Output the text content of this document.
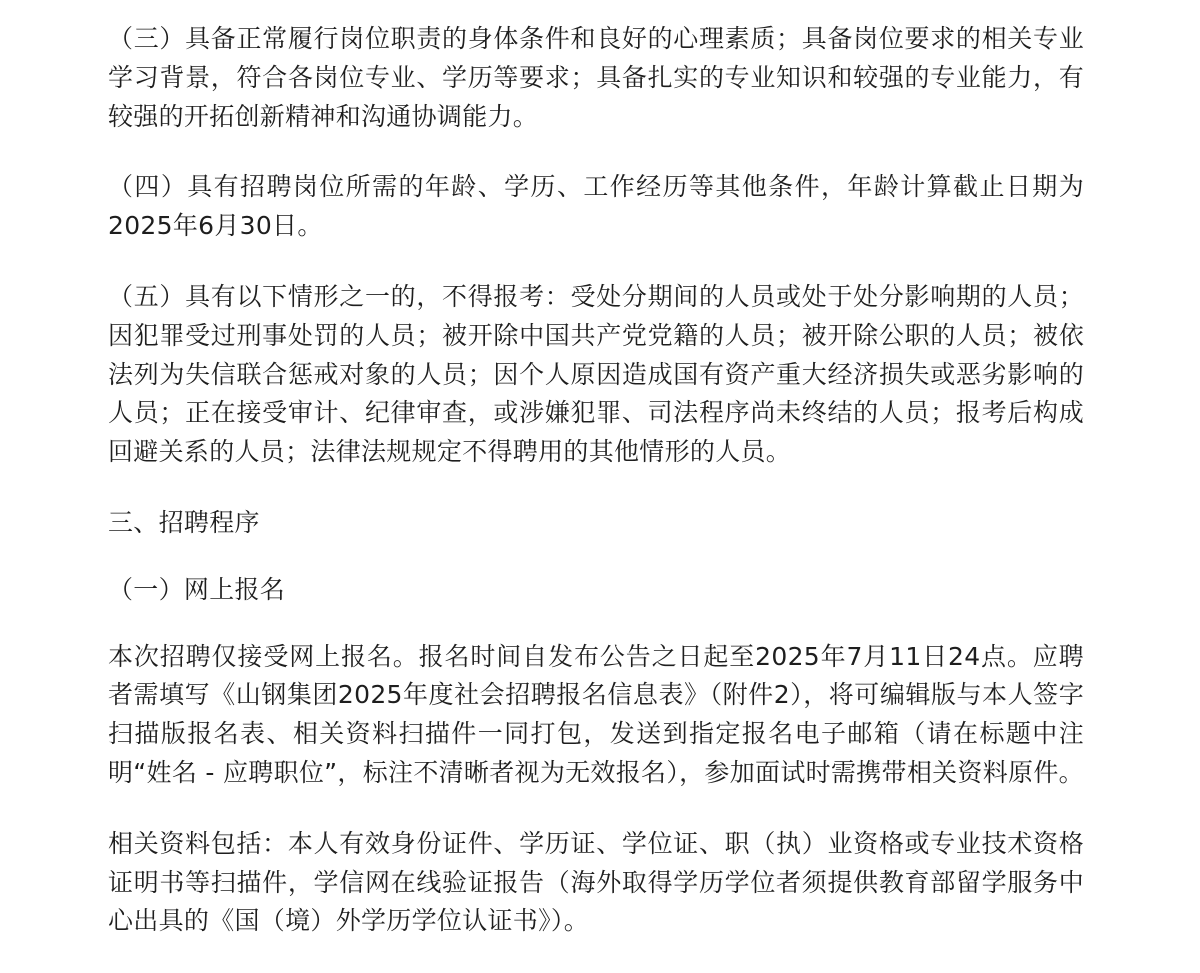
（三）具备正常履行岗位职责的身体条件和良好的心理素质；具备岗位要求的相关专业学习背景，符合各岗位专业、学历等要求；具备扎实的专业知识和较强的专业能力，有较强的开拓创新精神和沟通协调能力。

（四）具有招聘岗位所需的年龄、学历、工作经历等其他条件，年龄计算截止日期为2025年6月30日。

（五）具有以下情形之一的，不得报考：受处分期间的人员或处于处分影响期的人员；因犯罪受过刑事处罚的人员；被开除中国共产党党籍的人员；被开除公职的人员；被依法列为失信联合惩戒对象的人员；因个人原因造成国有资产重大经济损失或恶劣影响的人员；正在接受审计、纪律审查，或涉嫌犯罪、司法程序尚未终结的人员；报考后构成回避关系的人员；法律法规规定不得聘用的其他情形的人员。

三、招聘程序

（一）网上报名

本次招聘仅接受网上报名。报名时间自发布公告之日起至2025年7月11日24点。应聘者需填写《山钢集团2025年度社会招聘报名信息表》（附件2），将可编辑版与本人签字扫描版报名表、相关资料扫描件一同打包，发送到指定报名电子邮箱（请在标题中注明“姓名 - 应聘职位”，标注不清晰者视为无效报名），参加面试时需携带相关资料原件。

相关资料包括：本人有效身份证件、学历证、学位证、职（执）业资格或专业技术资格证明书等扫描件，学信网在线验证报告（海外取得学历学位者须提供教育部留学服务中心出具的《国（境）外学历学位认证书》）。
